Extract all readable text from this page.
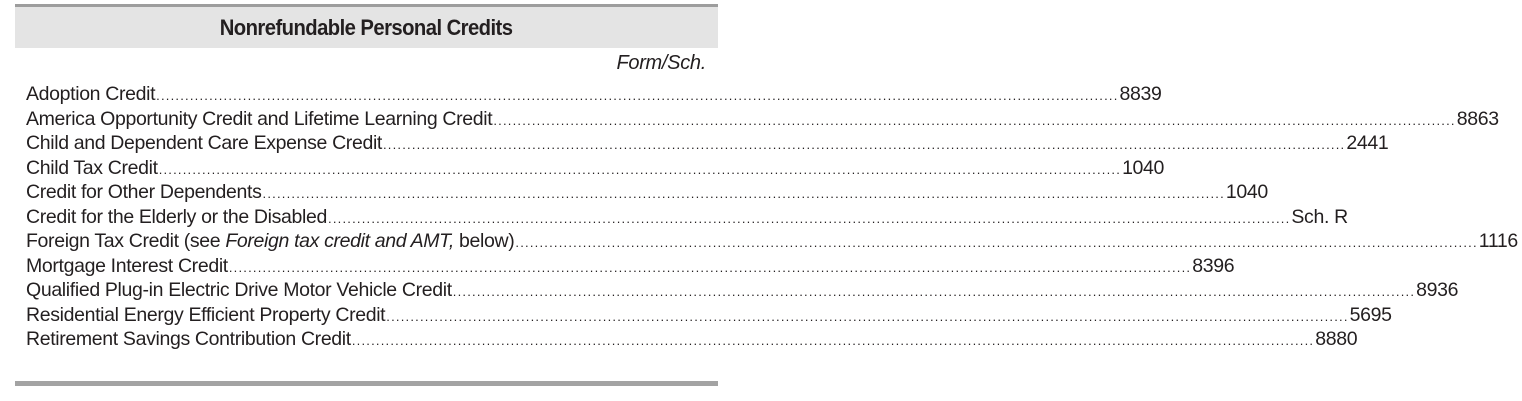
Nonrefundable Personal Credits
Form/Sch.
Adoption Credit ........................................................................................................................................................................................................ 8839
America Opportunity Credit and Lifetime Learning Credit ........................................................................................................................................................................................................ 8863
Child and Dependent Care Expense Credit ........................................................................................................................................................................................................ 2441
Child Tax Credit ........................................................................................................................................................................................................ 1040
Credit for Other Dependents ........................................................................................................................................................................................................ 1040
Credit for the Elderly or the Disabled ........................................................................................................................................................................................................ Sch. R
Foreign Tax Credit (see Foreign tax credit and AMT, below) ........................................................................................................................................................................................................ 1116
Mortgage Interest Credit ........................................................................................................................................................................................................ 8396
Qualified Plug-in Electric Drive Motor Vehicle Credit ........................................................................................................................................................................................................ 8936
Residential Energy Efficient Property Credit ........................................................................................................................................................................................................ 5695
Retirement Savings Contribution Credit ........................................................................................................................................................................................................ 8880
